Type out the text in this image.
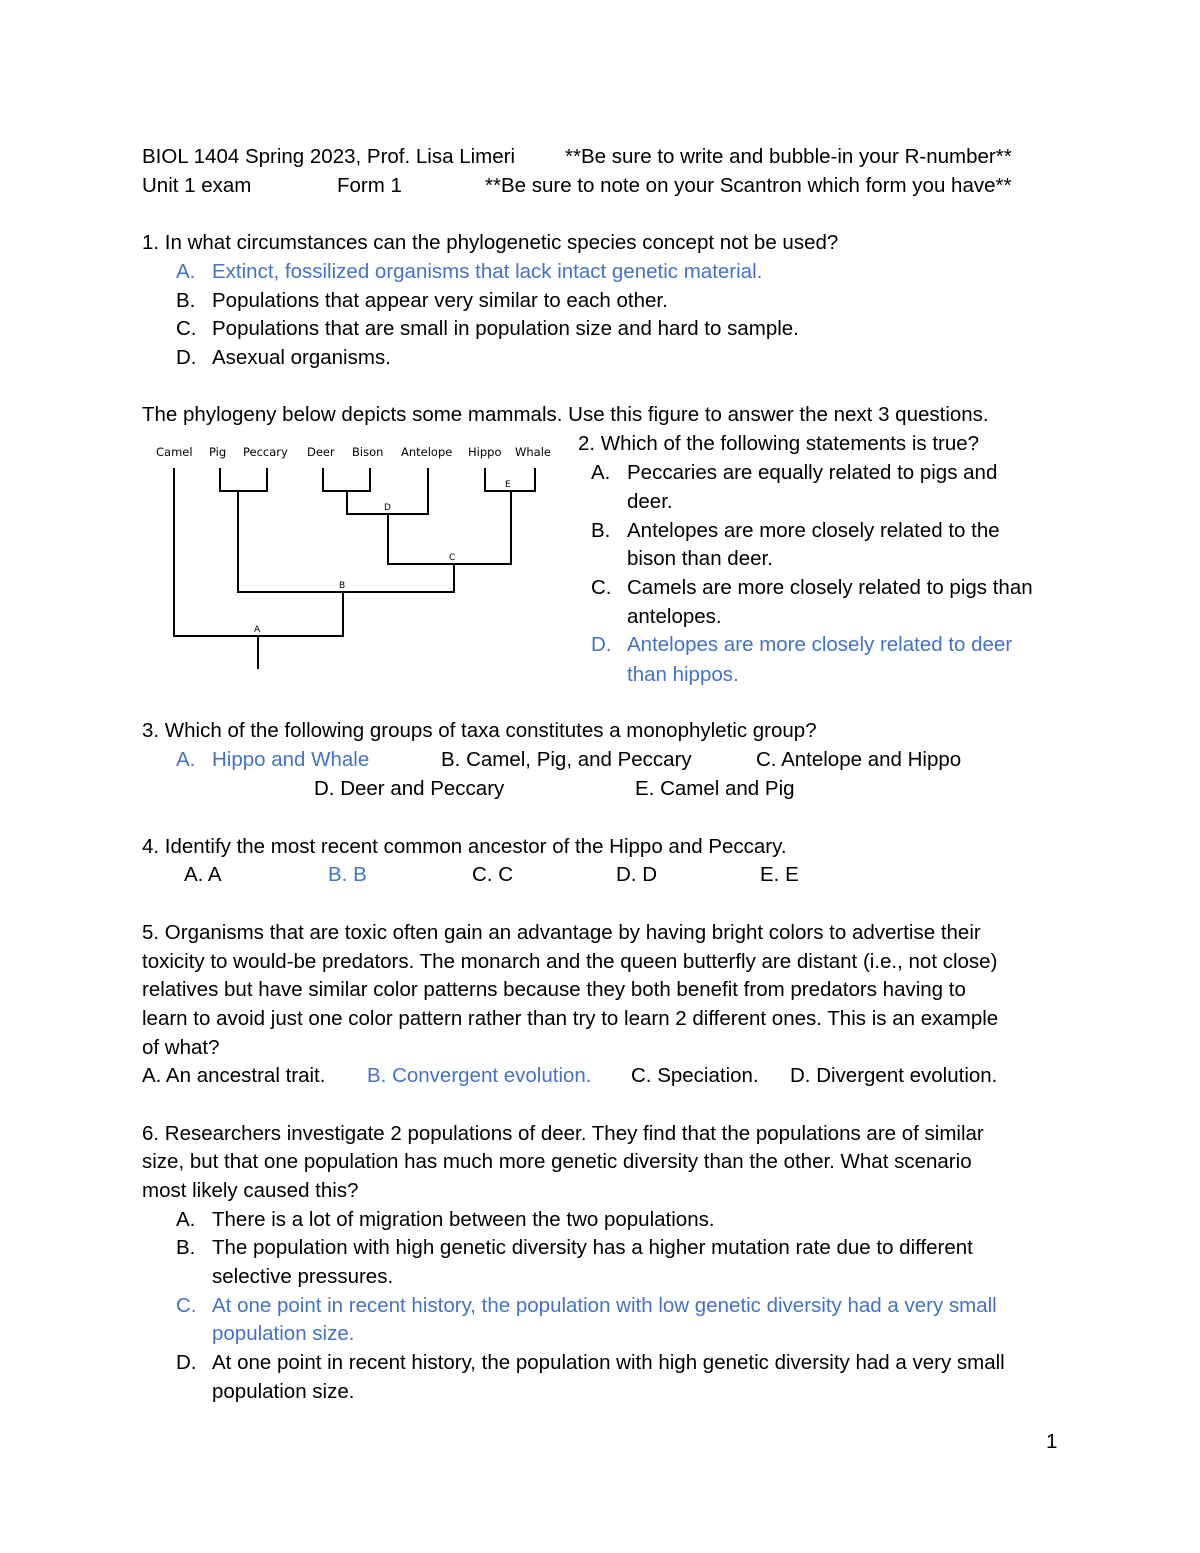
BIOL 1404 Spring 2023, Prof. Lisa Limeri **Be sure to write and bubble-in your R-number**
Unit 1 exam	Form 1	**Be sure to note on your Scantron which form you have**
1. In what circumstances can the phylogenetic species concept not be used?
A. Extinct, fossilized organisms that lack intact genetic material.
B. Populations that appear very similar to each other.
C. Populations that are small in population size and hard to sample.
D. Asexual organisms.
The phylogeny below depicts some mammals. Use this figure to answer the next 3 questions.
Camel Pig Peccary Deer Bison Antelope Hippo Whale
D
E
C
B
A
2. Which of the following statements is true?
A. Peccaries are equally related to pigs and
deer.
B. Antelopes are more closely related to the
bison than deer.
C. Camels are more closely related to pigs than
antelopes.
D. Antelopes are more closely related to deer
than hippos.
3. Which of the following groups of taxa constitutes a monophyletic group?
A. Hippo and Whale	B. Camel, Pig, and Peccary	C. Antelope and Hippo
D. Deer and Peccary	E. Camel and Pig
4. Identify the most recent common ancestor of the Hippo and Peccary.
A. A	B. B	C. C	D. D	E. E
5. Organisms that are toxic often gain an advantage by having bright colors to advertise their
toxicity to would-be predators. The monarch and the queen butterfly are distant (i.e., not close)
relatives but have similar color patterns because they both benefit from predators having to
learn to avoid just one color pattern rather than try to learn 2 different ones. This is an example
of what?
A. An ancestral trait. B. Convergent evolution. C. Speciation. D. Divergent evolution.
6. Researchers investigate 2 populations of deer. They find that the populations are of similar
size, but that one population has much more genetic diversity than the other. What scenario
most likely caused this?
A. There is a lot of migration between the two populations.
B. The population with high genetic diversity has a higher mutation rate due to different
selective pressures.
C. At one point in recent history, the population with low genetic diversity had a very small
population size.
D. At one point in recent history, the population with high genetic diversity had a very small
population size.
1
